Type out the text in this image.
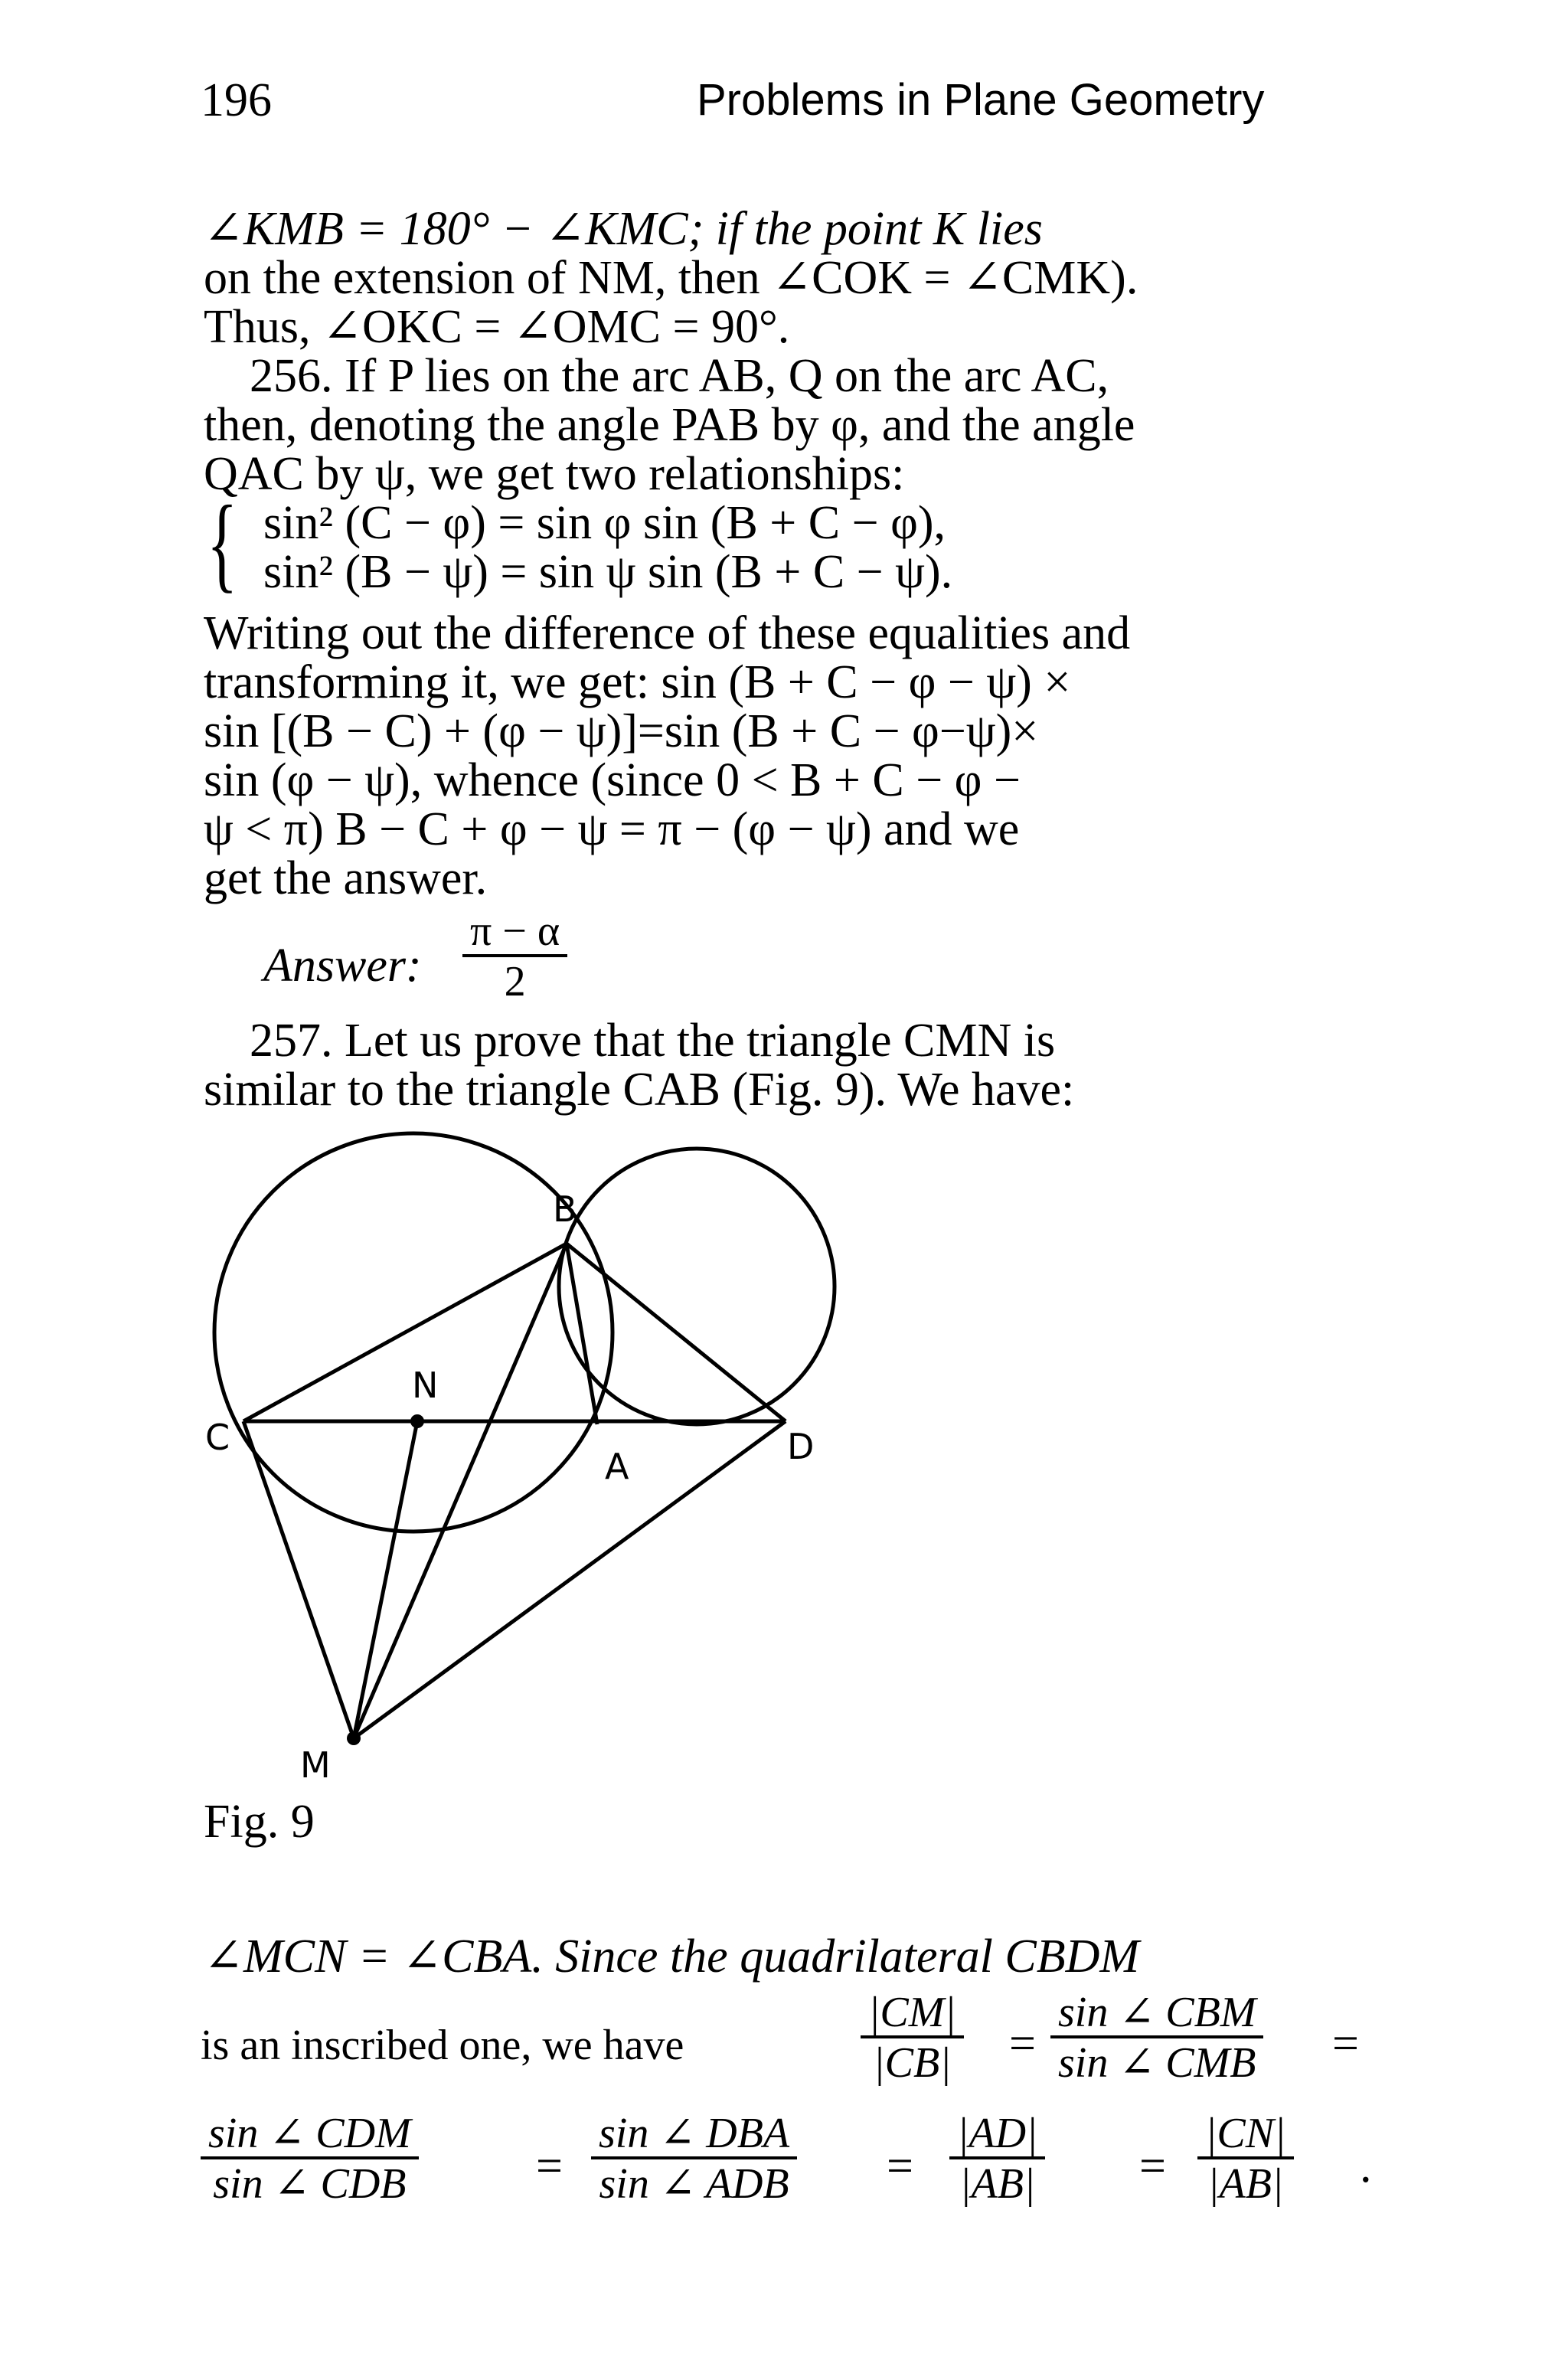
196	Problems in Plane Geometry
∠KMB = 180° − ∠KMC; if the point K lies
on the extension of NM, then ∠COK = ∠CMK).
Thus, ∠OKC = ∠OMC = 90°.
256. If P lies on the arc AB, Q on the arc AC,
then, denoting the angle PAB by φ, and the angle
QAC by ψ, we get two relationships:
{ sin² (C − φ) = sin φ sin (B + C − φ),
sin² (B − ψ) = sin ψ sin (B + C − ψ).
Writing out the difference of these equalities and
transforming it, we get: sin (B + C − φ − ψ) ×
sin [(B − C) + (φ − ψ)]=sin (B + C − φ−ψ)×
sin (φ − ψ), whence (since 0 < B + C − φ −
ψ < π) B − C + φ − ψ = π − (φ − ψ) and we
get the answer.
Answer: $\frac{\pi - \alpha}{2}$
257. Let us prove that the triangle CMN is
similar to the triangle CAB (Fig. 9). We have:
B
N
C
A	D
M
Fig. 9
∠MCN = ∠CBA. Since the quadrilateral CBDM
is an inscribed one, we have	$\frac{|CM|}{|CB|}$ =
sin ∠ CBM
sin ∠ CMB =
sin ∠ CDM
sin ∠ CDB	=
sin ∠ DBA
sin ∠ ADB = $\frac{|AD|}{|AB|} = \frac{|CN|}{|AB|}$ .
